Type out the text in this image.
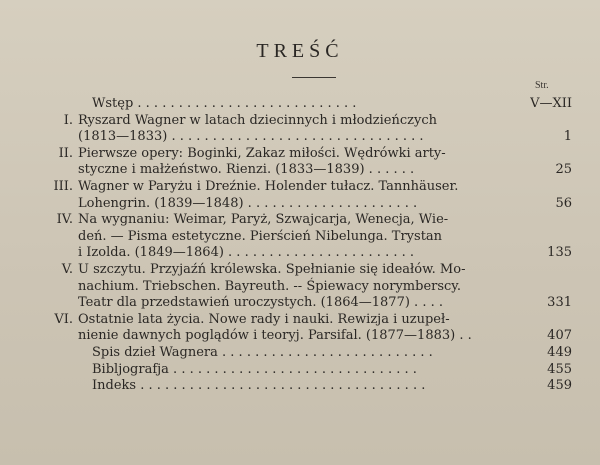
TREŚĆ
Str.
Wstęp . . . . . . . . . . . . . . . . . . . . . . . . . . .	V—XII
I. Ryszard Wagner w latach dziecinnych i młodzieńczych
(1813—1833) . . . . . . . . . . . . . . . . . . . . . . . . . . . . . . .	1
II. Pierwsze opery: Boginki, Zakaz miłości. Wędrówki arty-
styczne i małżeństwo. Rienzi. (1833—1839) . . . . . .	25
III. Wagner w Paryżu i Dreźnie. Holender tułacz. Tannhäuser.
Lohengrin. (1839—1848) . . . . . . . . . . . . . . . . . . . . .	56
IV. Na wygnaniu: Weimar, Paryż, Szwajcarja, Wenecja, Wie-
deń. — Pisma estetyczne. Pierścień Nibelunga. Trystan
i Izolda. (1849—1864) . . . . . . . . . . . . . . . . . . . . . . .	135
V. U szczytu. Przyjaźń królewska. Spełnianie się ideałów. Mo-
nachium. Triebschen. Bayreuth. -- Śpiewacy norymberscy.
Teatr dla przedstawień uroczystych. (1864—1877) . . . .	331
VI. Ostatnie lata życia. Nowe rady i nauki. Rewizja i uzupeł-
nienie dawnych poglądów i teoryj. Parsifal. (1877—1883) . .	407
Spis dzieł Wagnera . . . . . . . . . . . . . . . . . . . . . . . . . .	449
Bibljografja . . . . . . . . . . . . . . . . . . . . . . . . . . . . . .	455
Indeks . . . . . . . . . . . . . . . . . . . . . . . . . . . . . . . . . . .	459
